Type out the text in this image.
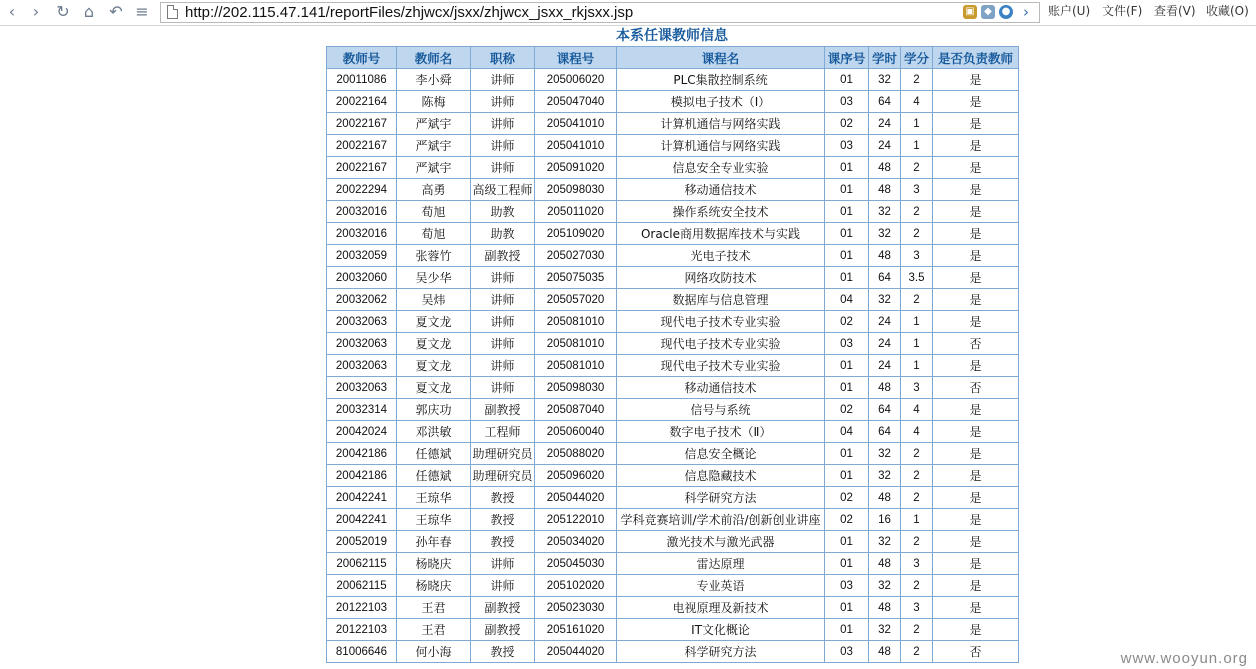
‹	›	↻ ⌂ ↶ ≡ http://202.115.47.141/reportFiles/zhjwcx/jsxx/zhjwcx_jsxx_rkjsxx.jsp	▣ ◆ ● ›	账户(U) 文件(F) 查看(V) 收藏(O)
本系任课教师信息
教师号	教师名	职称	课程号	课程名	课序号	学时	学分	是否负责教师
20011086	李小舜	讲师	205006020	PLC集散控制系统	01	32	2	是
20022164	陈梅	讲师	205047040	模拟电子技术（Ⅰ）	03	64	4	是
20022167	严斌宇	讲师	205041010	计算机通信与网络实践	02	24	1	是
20022167	严斌宇	讲师	205041010	计算机通信与网络实践	03	24	1	是
20022167	严斌宇	讲师	205091020	信息安全专业实验	01	48	2	是
20022294	高勇	高级工程师	205098030	移动通信技术	01	48	3	是
20032016	荀旭	助教	205011020	操作系统安全技术	01	32	2	是
20032016	荀旭	助教	205109020	Oracle商用数据库技术与实践	01	32	2	是
20032059	张蓉竹	副教授	205027030	光电子技术	01	48	3	是
20032060	吴少华	讲师	205075035	网络攻防技术	01	64	3.5	是
20032062	吴炜	讲师	205057020	数据库与信息管理	04	32	2	是
20032063	夏文龙	讲师	205081010	现代电子技术专业实验	02	24	1	是
20032063	夏文龙	讲师	205081010	现代电子技术专业实验	03	24	1	否
20032063	夏文龙	讲师	205081010	现代电子技术专业实验	01	24	1	是
20032063	夏文龙	讲师	205098030	移动通信技术	01	48	3	否
20032314	郭庆功	副教授	205087040	信号与系统	02	64	4	是
20042024	邓洪敏	工程师	205060040	数字电子技术（Ⅱ）	04	64	4	是
20042186	任德斌	助理研究员	205088020	信息安全概论	01	32	2	是
20042186	任德斌	助理研究员	205096020	信息隐藏技术	01	32	2	是
20042241	王琼华	教授	205044020	科学研究方法	02	48	2	是
20042241	王琼华	教授	205122010	学科竞赛培训/学术前沿/创新创业讲座	02	16	1	是
20052019	孙年春	教授	205034020	激光技术与激光武器	01	32	2	是
20062115	杨晓庆	讲师	205045030	雷达原理	01	48	3	是
20062115	杨晓庆	讲师	205102020	专业英语	03	32	2	是
20122103	王君	副教授	205023030	电视原理及新技术	01	48	3	是
20122103	王君	副教授	205161020	IT文化概论	01	32	2	是
81006646	何小海	教授	205044020	科学研究方法	03	48	2	否	www.wooyun.org
